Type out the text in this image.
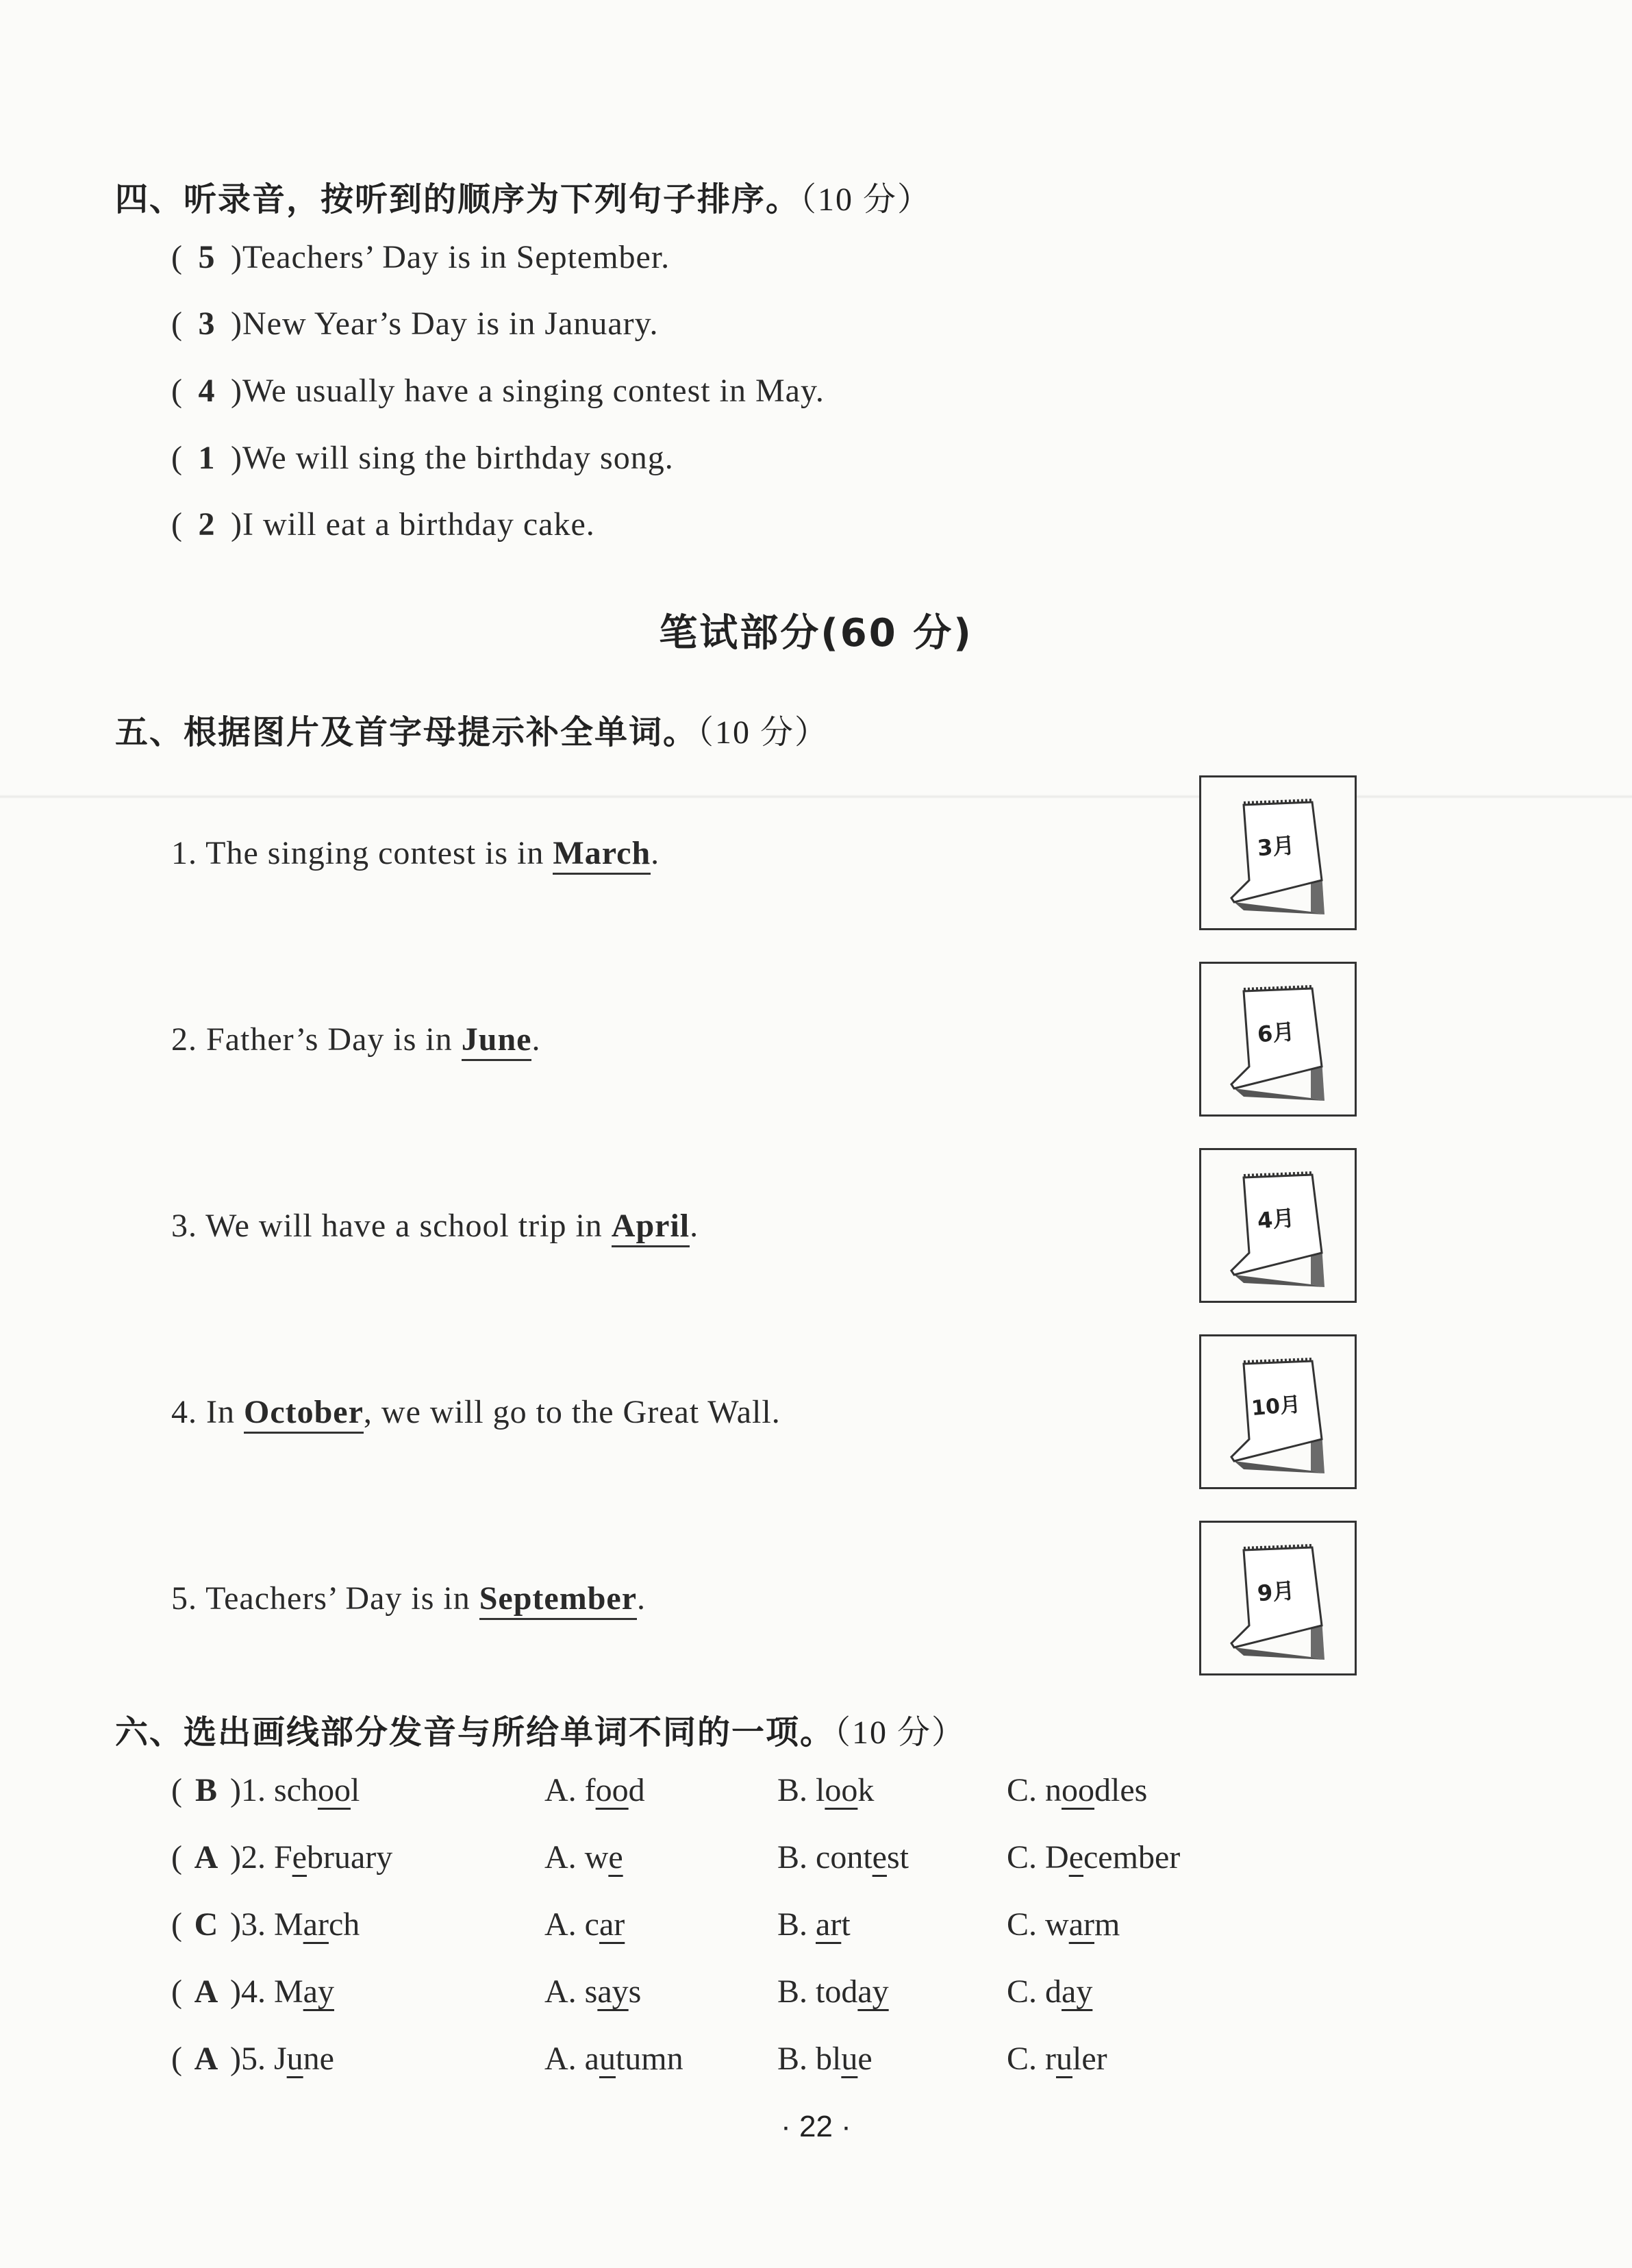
四、听录音，按听到的顺序为下列句子排序。（10 分）
( 5 )Teachers’ Day is in September.
( 3 )New Year’s Day is in January.
( 4 )We usually have a singing contest in May.
( 1 )We will sing the birthday song.
( 2 )I will eat a birthday cake.
笔试部分(60 分)
五、根据图片及首字母提示补全单词。（10 分）
1. The singing contest is in March.
2. Father’s Day is in June.
3. We will have a school trip in April.
4. In October, we will go to the Great Wall.
5. Teachers’ Day is in September.
3月
6月
4月
10月
9月
六、选出画线部分发音与所给单词不同的一项。（10 分）
( B )1. school	A. food	B. look	C. noodles
( A )2. February	A. we	B. contest	C. December
( C )3. March	A. car	B. art	C. warm
( A )4. May	A. says	B. today	C. day
( A )5. June	A. autumn	B. blue	C. ruler
· 22 ·
